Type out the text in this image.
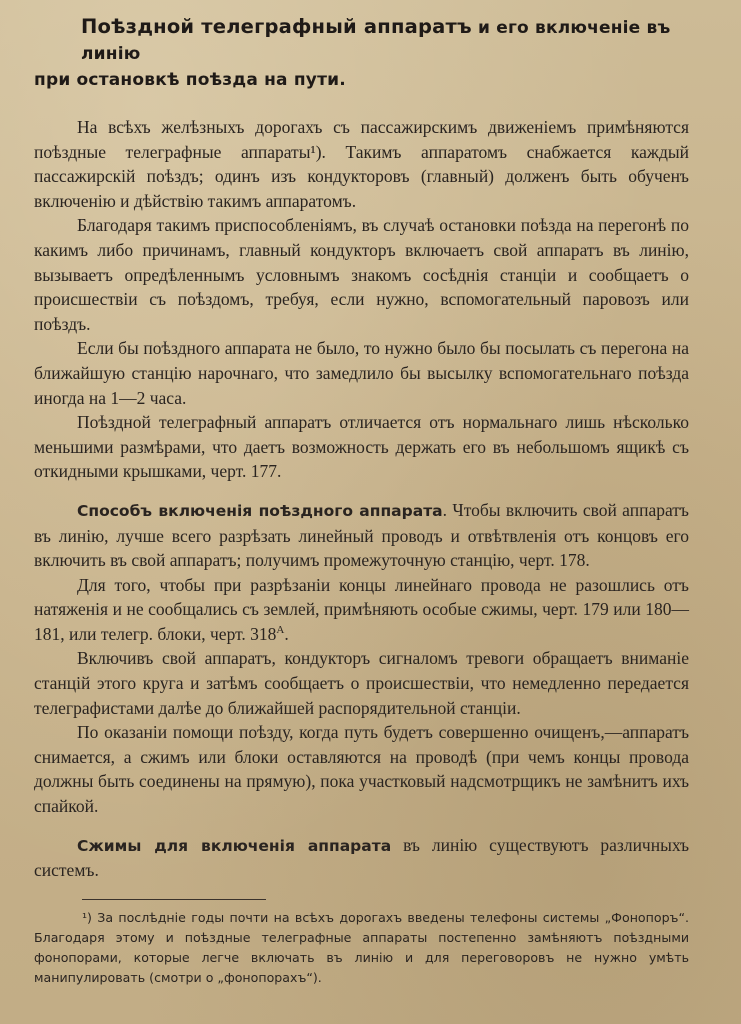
Поѣздной телеграфный аппаратъ и его включеніе въ линію
при остановкѣ поѣзда на пути.

На всѣхъ желѣзныхъ дорогахъ съ пассажирскимъ движеніемъ примѣняются поѣздные телеграфные аппараты¹). Такимъ аппаратомъ снабжается каждый пассажирскій поѣздъ; одинъ изъ кондукторовъ (главный) долженъ быть обученъ включенію и дѣйствію такимъ аппаратомъ.

Благодаря такимъ приспособленіямъ, въ случаѣ остановки поѣзда на перегонѣ по какимъ либо причинамъ, главный кондукторъ включаетъ свой аппаратъ въ линію, вызываетъ опредѣленнымъ условнымъ знакомъ сосѣднія станціи и сообщаетъ о происшествіи съ поѣздомъ, требуя, если нужно, вспомогательный паровозъ или поѣздъ.

Если бы поѣздного аппарата не было, то нужно было бы посылать съ перегона на ближайшую станцію нарочнаго, что замедлило бы высылку вспомогательнаго поѣзда иногда на 1—2 часа.

Поѣздной телеграфный аппаратъ отличается отъ нормальнаго лишь нѣсколько меньшими размѣрами, что даетъ возможность держать его въ небольшомъ ящикѣ съ откидными крышками, черт. 177.

Способъ включенія поѣздного аппарата. Чтобы включить свой аппаратъ въ линію, лучше всего разрѣзать линейный проводъ и отвѣтвленія отъ концовъ его включить въ свой аппаратъ; получимъ промежуточную станцію, черт. 178.

Для того, чтобы при разрѣзаніи концы линейнаго провода не разошлись отъ натяженія и не сообщались съ землей, примѣняють особые сжимы, черт. 179 или 180—181, или телегр. блоки, черт. $318^А$.

Включивъ свой аппаратъ, кондукторъ сигналомъ тревоги обращаетъ вниманіе станцій этого круга и затѣмъ сообщаетъ о происшествіи, что немедленно передается телеграфистами далѣе до ближайшей распорядительной станціи.

По оказаніи помощи поѣзду, когда путь будетъ совершенно очищенъ,—аппаратъ снимается, а сжимъ или блоки оставляются на проводѣ (при чемъ концы провода должны быть соединены на прямую), пока участковый надсмотрщикъ не замѣнитъ ихъ спайкой.

Сжимы для включенія аппарата въ линію существуютъ различныхъ системъ.

¹) За послѣдніе годы почти на всѣхъ дорогахъ введены телефоны системы „Фонопоръ“. Благодаря этому и поѣздные телеграфные аппараты постепенно замѣняютъ поѣздными фонопорами, которые легче включать въ линію и для переговоровъ не нужно умѣть манипулировать (смотри о „фонопорахъ“).
